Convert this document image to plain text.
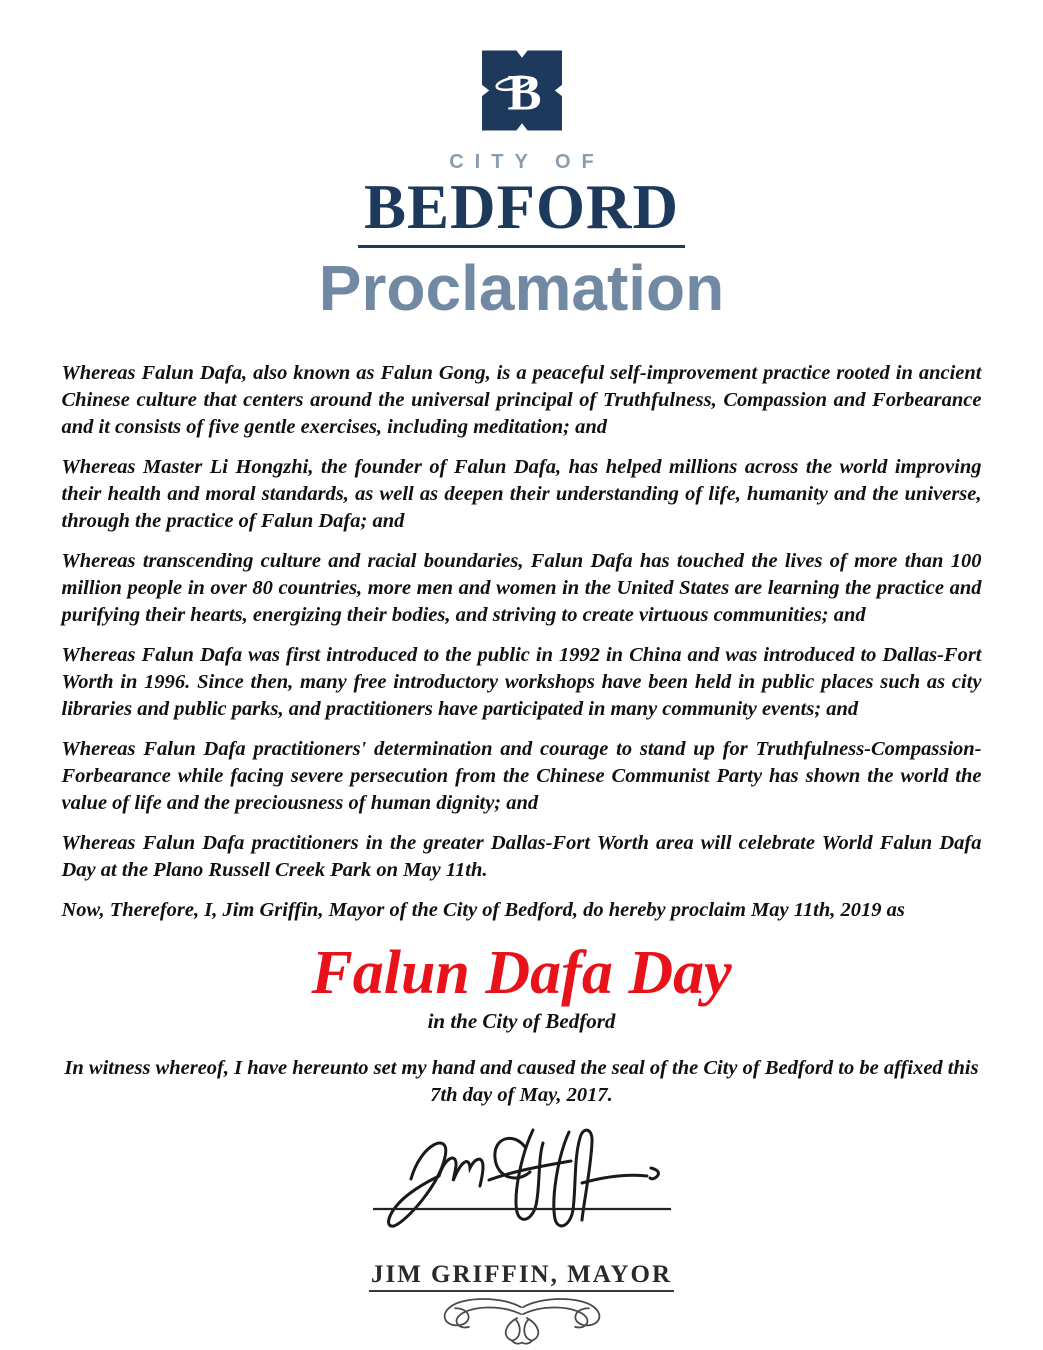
B
CITY OF
BEDFORD
Proclamation

Whereas Falun Dafa, also known as Falun Gong, is a peaceful self-improvement practice rooted in ancient Chinese culture that centers around the universal principal of Truthfulness, Compassion and Forbearance and it consists of five gentle exercises, including meditation; and

Whereas Master Li Hongzhi, the founder of Falun Dafa, has helped millions across the world improving their health and moral standards, as well as deepen their understanding of life, humanity and the universe, through the practice of Falun Dafa; and

Whereas transcending culture and racial boundaries, Falun Dafa has touched the lives of more than 100 million people in over 80 countries, more men and women in the United States are learning the practice and purifying their hearts, energizing their bodies, and striving to create virtuous communities; and

Whereas Falun Dafa was first introduced to the public in 1992 in China and was introduced to Dallas-Fort Worth in 1996. Since then, many free introductory workshops have been held in public places such as city libraries and public parks, and practitioners have participated in many community events; and

Whereas Falun Dafa practitioners' determination and courage to stand up for Truthfulness-Compassion-Forbearance while facing severe persecution from the Chinese Communist Party has shown the world the value of life and the preciousness of human dignity; and

Whereas Falun Dafa practitioners in the greater Dallas-Fort Worth area will celebrate World Falun Dafa Day at the Plano Russell Creek Park on May 11th.

Now, Therefore, I, Jim Griffin, Mayor of the City of Bedford, do hereby proclaim May 11th, 2019 as

Falun Dafa Day
in the City of Bedford
In witness whereof, I have hereunto set my hand and caused the seal of the City of Bedford to be affixed this 7th day of May, 2017.
JIM GRIFFIN, MAYOR
